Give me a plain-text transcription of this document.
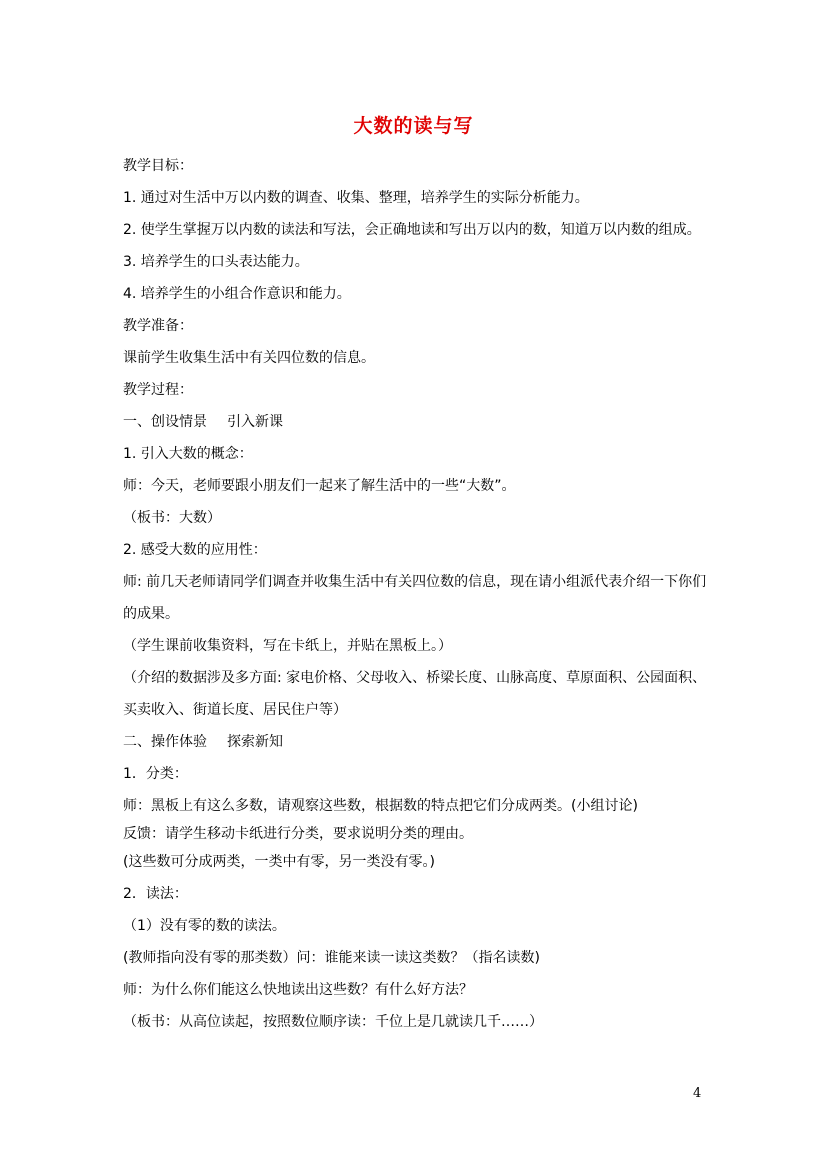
大数的读与写
教学目标：
1. 通过对生活中万以内数的调查、收集、整理，培养学生的实际分析能力。
2. 使学生掌握万以内数的读法和写法，会正确地读和写出万以内的数，知道万以内数的组成。
3. 培养学生的口头表达能力。
4. 培养学生的小组合作意识和能力。
教学准备：
课前学生收集生活中有关四位数的信息。
教学过程：
一、创设情景 引入新课
1. 引入大数的概念：
师：今天，老师要跟小朋友们一起来了解生活中的一些“大数”。
（板书：大数）
2. 感受大数的应用性：
师: 前几天老师请同学们调查并收集生活中有关四位数的信息，现在请小组派代表介绍一下你们的成果。
（学生课前收集资料，写在卡纸上，并贴在黑板上。）
（介绍的数据涉及多方面: 家电价格、父母收入、桥梁长度、山脉高度、草原面积、公园面积、买卖收入、街道长度、居民住户等）
二、操作体验 探索新知
1．分类：
师：黑板上有这么多数，请观察这些数，根据数的特点把它们分成两类。(小组讨论)
反馈：请学生移动卡纸进行分类，要求说明分类的理由。
(这些数可分成两类，一类中有零，另一类没有零。)
2．读法：
（1）没有零的数的读法。
(教师指向没有零的那类数）问：谁能来读一读这类数？（指名读数)
师：为什么你们能这么快地读出这些数？有什么好方法？
（板书：从高位读起，按照数位顺序读：千位上是几就读几千……）
4
